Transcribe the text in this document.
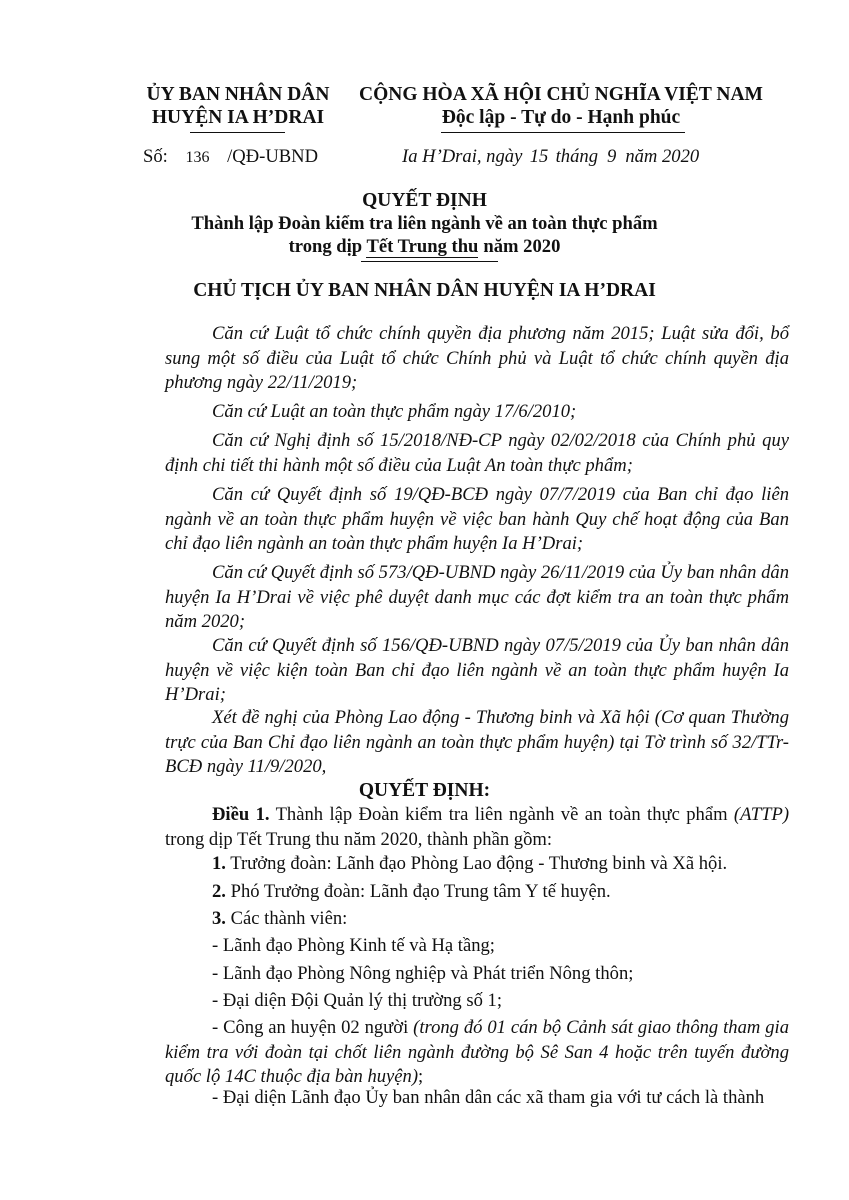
ỦY BAN NHÂN DÂN
HUYỆN IA H’DRAI
CỘNG HÒA XÃ HỘI CHỦ NGHĨA VIỆT NAM
Độc lập - Tự do - Hạnh phúc
Số: 136 /QĐ-UBND	Ia H’Drai, ngày 15 tháng 9 năm 2020
QUYẾT ĐỊNH
Thành lập Đoàn kiểm tra liên ngành về an toàn thực phẩm
trong dịp Tết Trung thu năm 2020
CHỦ TỊCH ỦY BAN NHÂN DÂN HUYỆN IA H’DRAI
Căn cứ Luật tổ chức chính quyền địa phương năm 2015; Luật sửa đổi, bổ sung một số điều của Luật tổ chức Chính phủ và Luật tổ chức chính quyền địa phương ngày 22/11/2019;
Căn cứ Luật an toàn thực phẩm ngày 17/6/2010;
Căn cứ Nghị định số 15/2018/NĐ-CP ngày 02/02/2018 của Chính phủ quy định chi tiết thi hành một số điều của Luật An toàn thực phẩm;
Căn cứ Quyết định số 19/QĐ-BCĐ ngày 07/7/2019 của Ban chỉ đạo liên ngành về an toàn thực phẩm huyện về việc ban hành Quy chế hoạt động của Ban chỉ đạo liên ngành an toàn thực phẩm huyện Ia H’Drai;
Căn cứ Quyết định số 573/QĐ-UBND ngày 26/11/2019 của Ủy ban nhân dân huyện Ia H’Drai về việc phê duyệt danh mục các đợt kiểm tra an toàn thực phẩm năm 2020;
Căn cứ Quyết định số 156/QĐ-UBND ngày 07/5/2019 của Ủy ban nhân dân huyện về việc kiện toàn Ban chỉ đạo liên ngành về an toàn thực phẩm huyện Ia H’Drai;
Xét đề nghị của Phòng Lao động - Thương binh và Xã hội (Cơ quan Thường trực của Ban Chỉ đạo liên ngành an toàn thực phẩm huyện) tại Tờ trình số 32/TTr-BCĐ ngày 11/9/2020,
QUYẾT ĐỊNH:
Điều 1. Thành lập Đoàn kiểm tra liên ngành về an toàn thực phẩm (ATTP) trong dịp Tết Trung thu năm 2020, thành phần gồm:
1. Trưởng đoàn: Lãnh đạo Phòng Lao động - Thương binh và Xã hội.
2. Phó Trưởng đoàn: Lãnh đạo Trung tâm Y tế huyện.
3. Các thành viên:
- Lãnh đạo Phòng Kinh tế và Hạ tầng;
- Lãnh đạo Phòng Nông nghiệp và Phát triển Nông thôn;
- Đại diện Đội Quản lý thị trường số 1;
- Công an huyện 02 người (trong đó 01 cán bộ Cảnh sát giao thông tham gia kiểm tra với đoàn tại chốt liên ngành đường bộ Sê San 4 hoặc trên tuyến đường quốc lộ 14C thuộc địa bàn huyện);
- Đại diện Lãnh đạo Ủy ban nhân dân các xã tham gia với tư cách là thành
